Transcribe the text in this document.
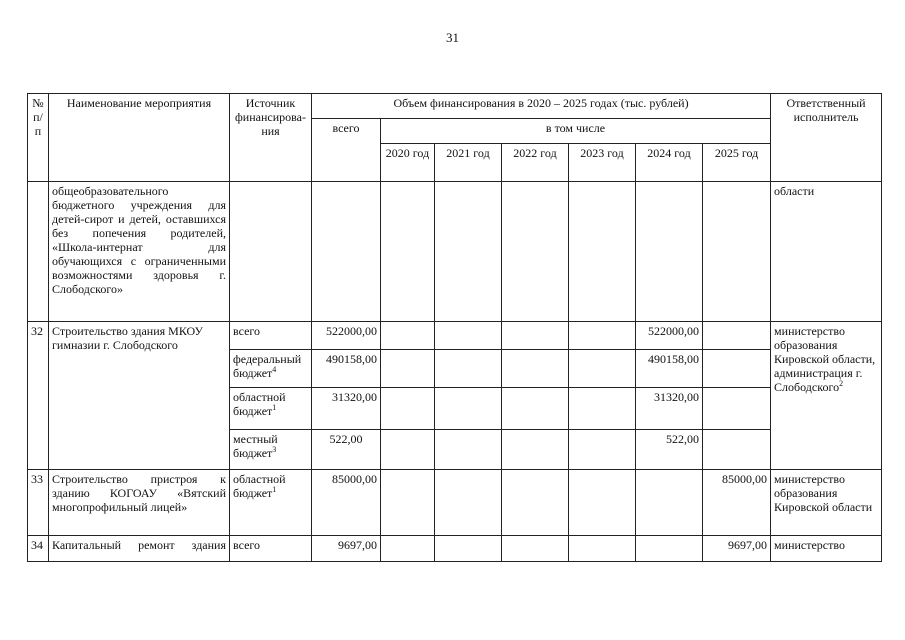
31
№ п/п	Наименование мероприятия	Источник финансирова-ния	Объем финансирования в 2020 – 2025 годах (тыс. рублей)							Ответственный исполнитель
			всего	в том числе						
				2020 год	2021 год	2022 год	2023 год	2024 год	2025 год	
	общеобразовательного бюджетного учреждения для детей-сирот и детей, оставшихся без попечения родителей, «Школа-интернат для обучающихся с ограниченными возможностями здоровья г. Слободского»									области
32	Строительство здания МКОУ гимназии г. Слободского	всего	522000,00					522000,00		министерство образования Кировской области, администрация г. Слободского$^2$
		федеральный бюджет$^4$	490158,00					490158,00		
		областной бюджет$^1$	31320,00					31320,00		
		местный бюджет$^3$	522,00					522,00		
33	Строительство пристроя к зданию КОГОАУ «Вятский многопрофильный лицей»	областной бюджет$^1$	85000,00						85000,00	министерство образования Кировской области
34	Капитальный ремонт здания	всего	9697,00						9697,00	министерство
